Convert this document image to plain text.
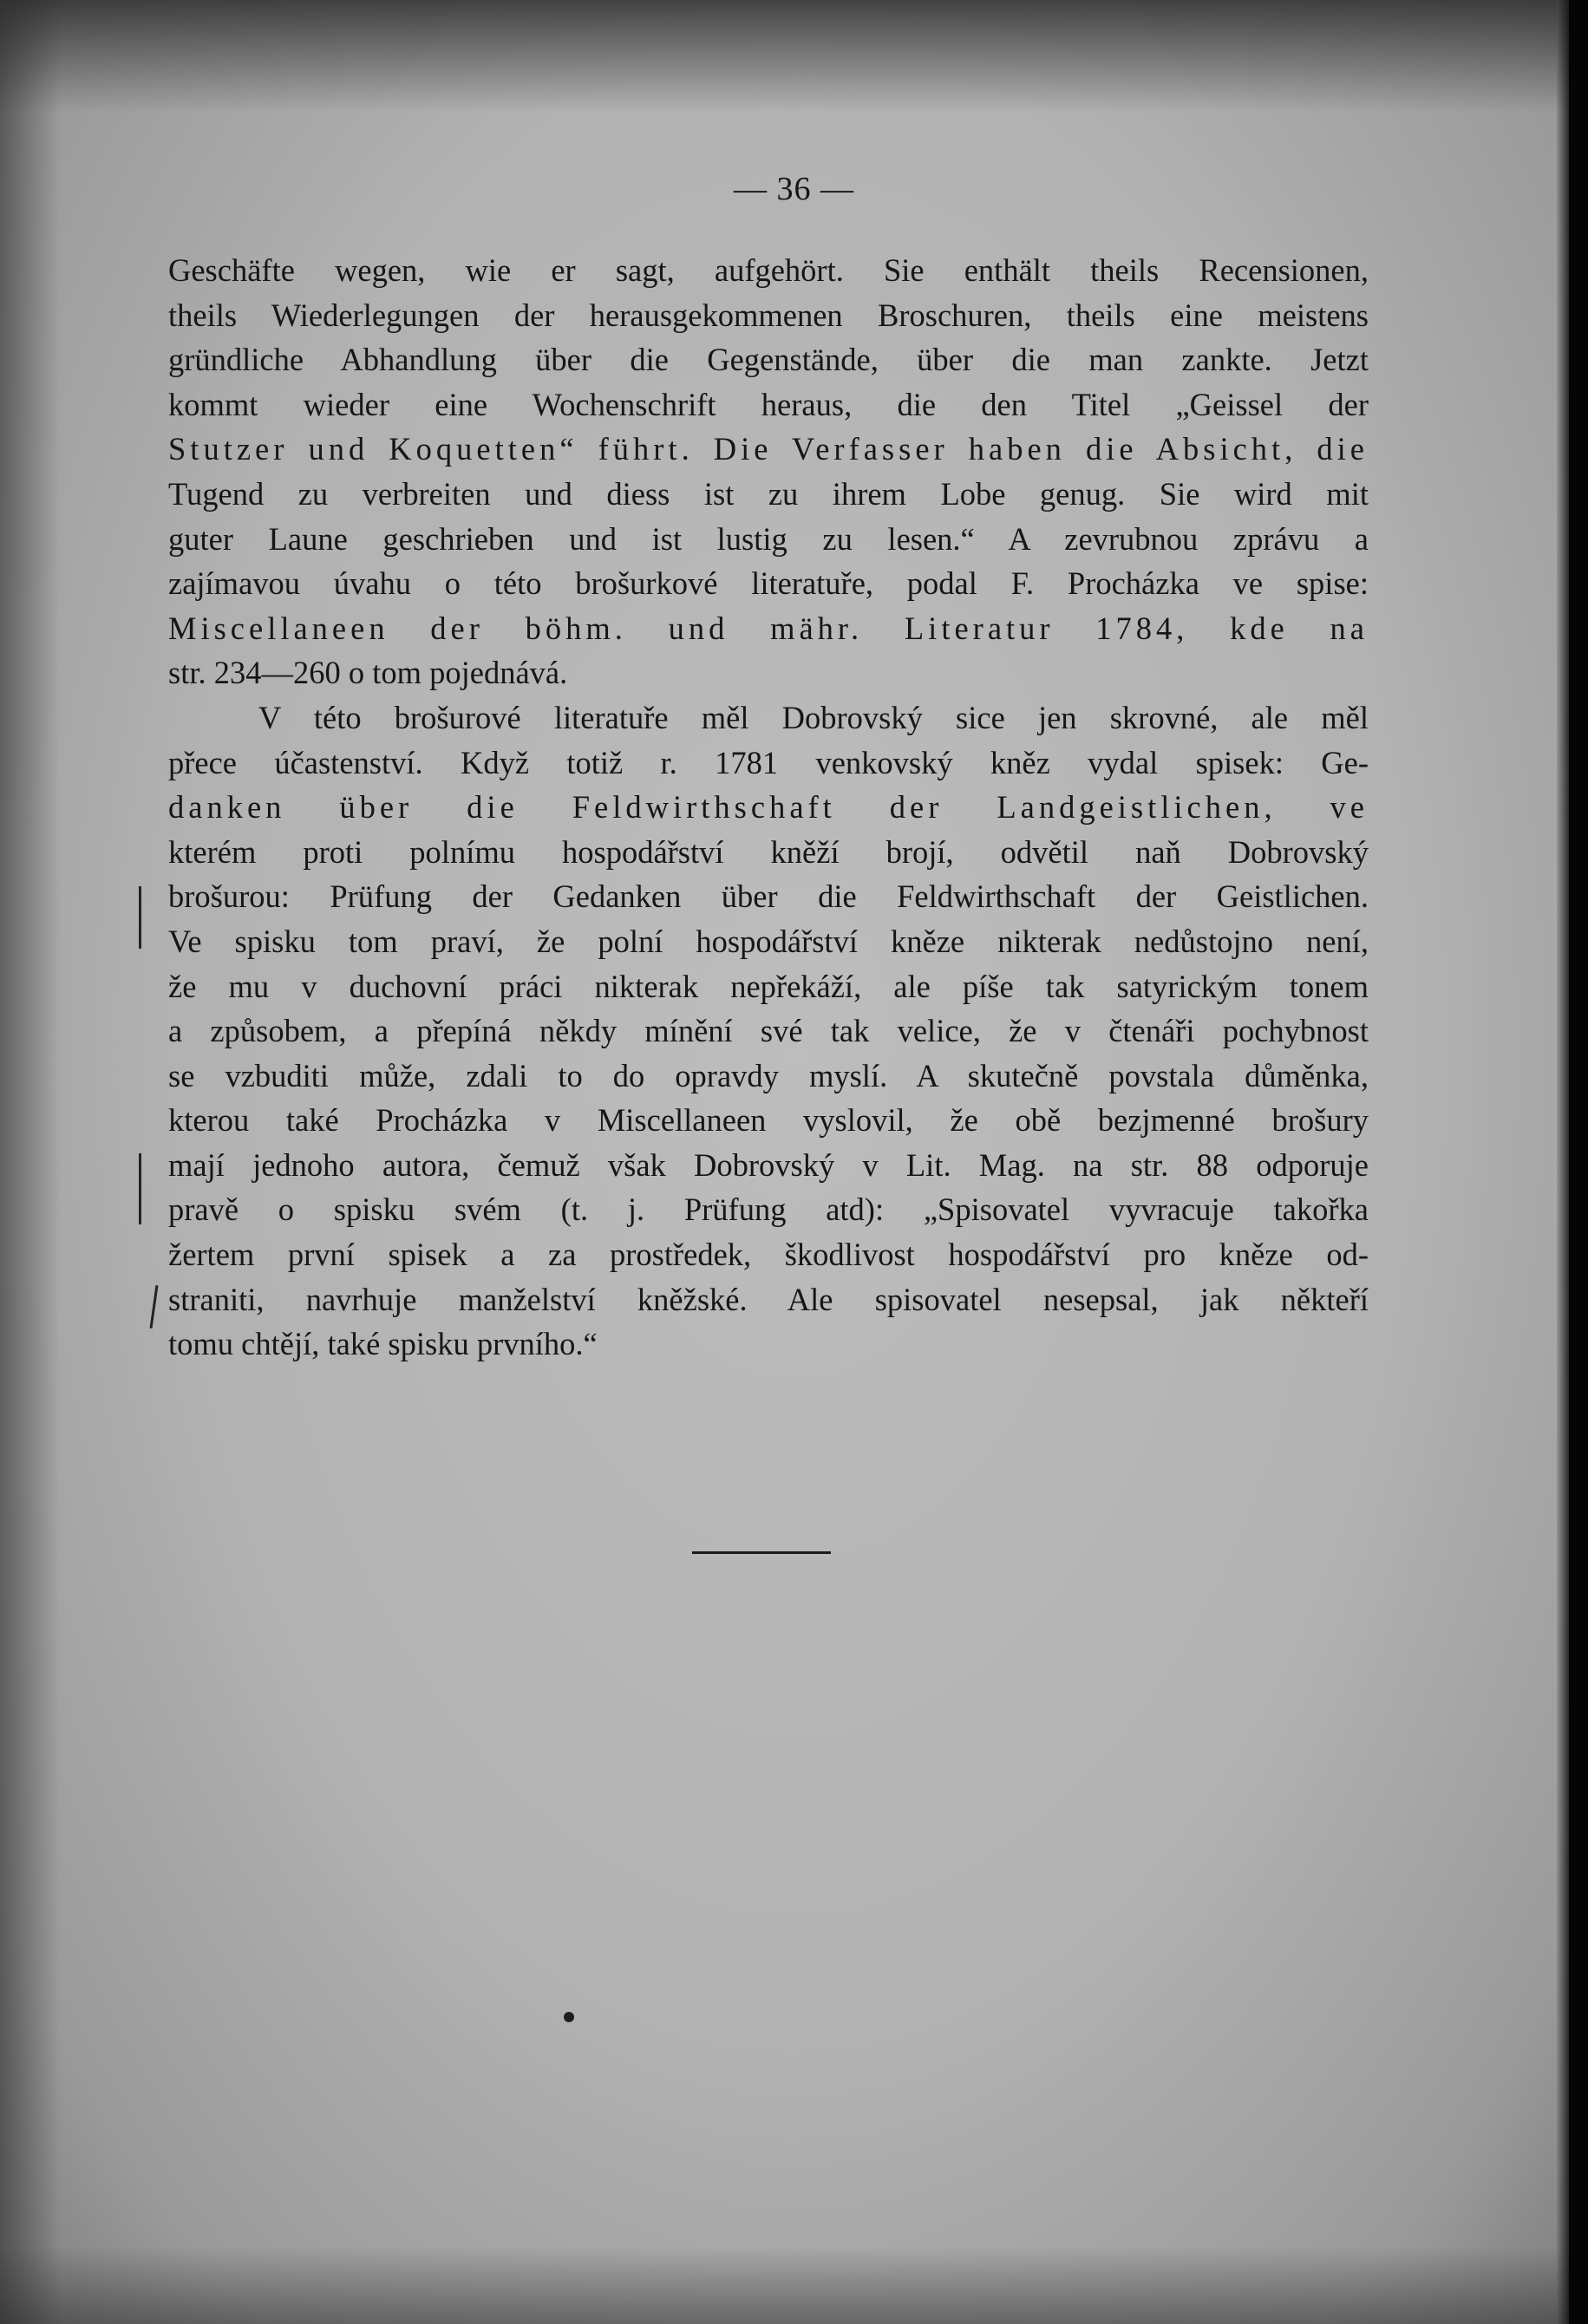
— 36 —
Geschäfte wegen, wie er sagt, aufgehört. Sie enthält theils Recensionen,
theils Wiederlegungen der herausgekommenen Broschuren, theils eine meistens
gründliche Abhandlung über die Gegenstände, über die man zankte. Jetzt
kommt wieder eine Wochenschrift heraus, die den Titel „Geissel der
Stutzer und Koquetten“ führt. Die Verfasser haben die Absicht, die
Tugend zu verbreiten und diess ist zu ihrem Lobe genug. Sie wird mit
guter Laune geschrieben und ist lustig zu lesen.“ A zevrubnou zprávu a
zajímavou úvahu o této brošurkové literatuře, podal F. Procházka ve spise:
Miscellaneen der böhm. und mähr. Literatur 1784, kde na
str. 234—260 o tom pojednává.
V této brošurové literatuře měl Dobrovský sice jen skrovné, ale měl
přece účastenství. Když totiž r. 1781 venkovský kněz vydal spisek: Ge-
danken über die Feldwirthschaft der Landgeistlichen, ve
kterém proti polnímu hospodářství kněží brojí, odvětil naň Dobrovský
brošurou: Prüfung der Gedanken über die Feldwirthschaft der Geistlichen.
Ve spisku tom praví, že polní hospodářství kněze nikterak nedůstojno není,
že mu v duchovní práci nikterak nepřekáží, ale píše tak satyrickým tonem
a způsobem, a přepíná někdy mínění své tak velice, že v čtenáři pochybnost
se vzbuditi může, zdali to do opravdy myslí. A skutečně povstala důměnka,
kterou také Procházka v Miscellaneen vyslovil, že obě bezjmenné brošury
mají jednoho autora, čemuž však Dobrovský v Lit. Mag. na str. 88 odporuje
pravě o spisku svém (t. j. Prüfung atd): „Spisovatel vyvracuje takořka
žertem první spisek a za prostředek, škodlivost hospodářství pro kněze od-
straniti, navrhuje manželství kněžské. Ale spisovatel nesepsal, jak někteří
tomu chtějí, také spisku prvního.“
